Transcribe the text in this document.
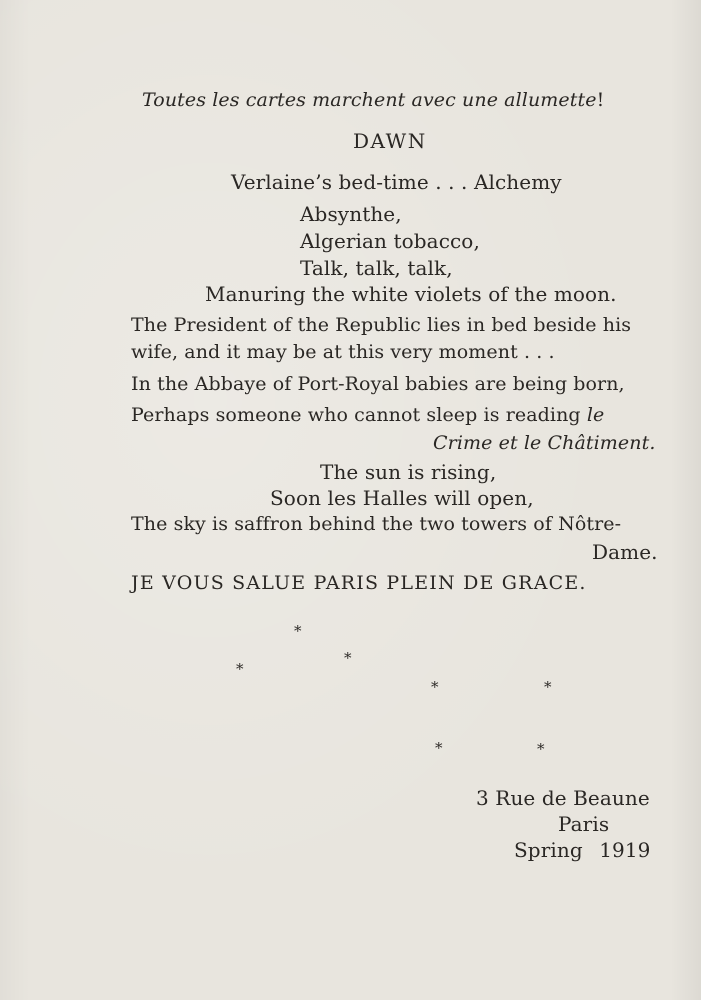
Toutes les cartes marchent avec une allumette!
DAWN
Verlaine’s bed-time . . . Alchemy
Absynthe,
Algerian tobacco,
Talk, talk, talk,
Manuring the white violets of the moon.
The President of the Republic lies in bed beside his
wife, and it may be at this very moment . . .
In the Abbaye of Port-Royal babies are being born,
Perhaps someone who cannot sleep is reading le
Crime et le Châtiment.
The sun is rising,
Soon les Halles will open,
The sky is saffron behind the two towers of Nôtre-
Dame.
JE VOUS SALUE PARIS PLEIN DE GRACE.
*
*
*
*	*
*	*
3 Rue de Beaune
Paris
Spring 1919
